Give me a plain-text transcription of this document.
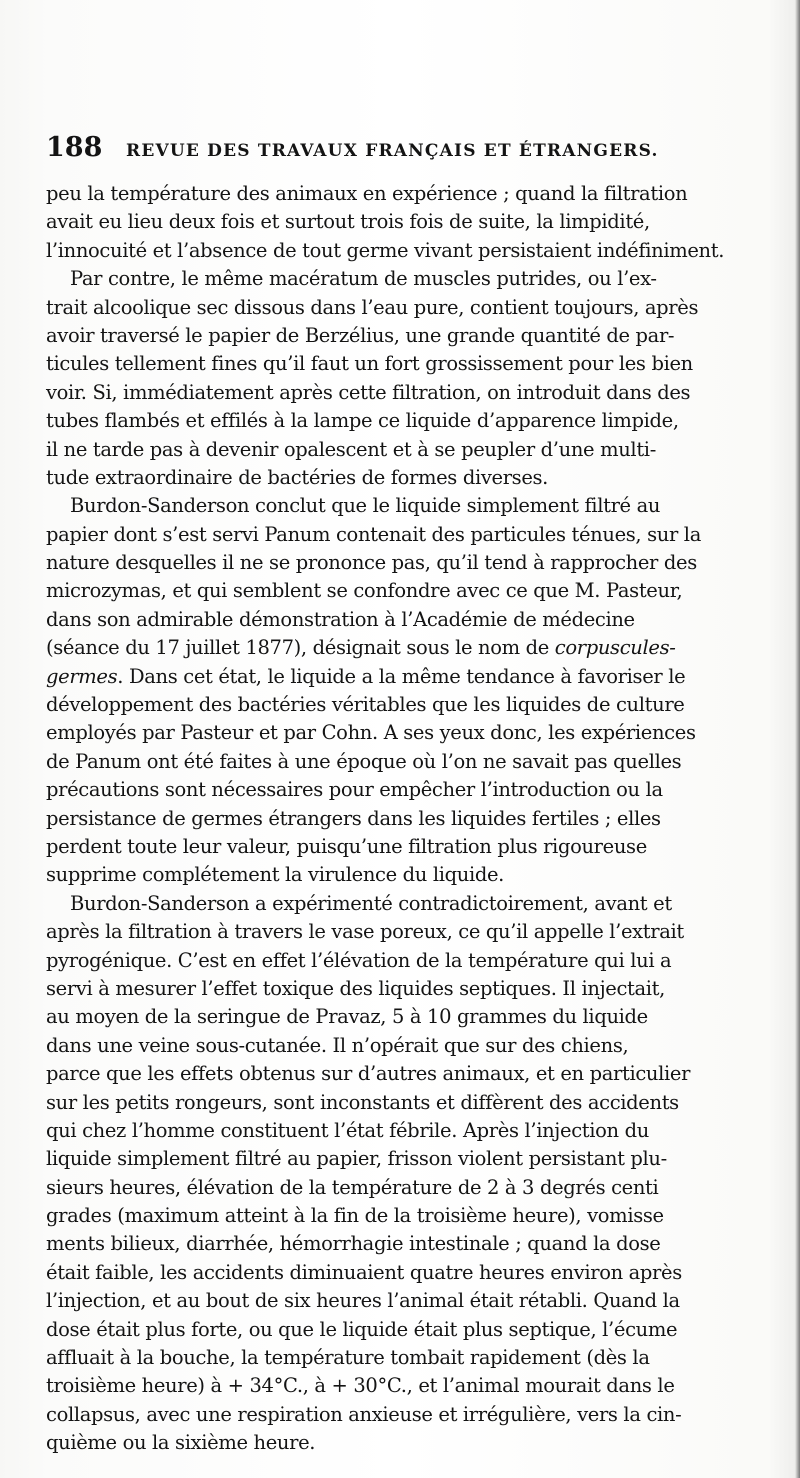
188	REVUE DES TRAVAUX FRANÇAIS ET ÉTRANGERS.
peu la température des animaux en expérience ; quand la filtration
avait eu lieu deux fois et surtout trois fois de suite, la limpidité,
l’innocuité et l’absence de tout germe vivant persistaient indéfiniment.
Par contre, le même macératum de muscles putrides, ou l’ex-
trait alcoolique sec dissous dans l’eau pure, contient toujours, après
avoir traversé le papier de Berzélius, une grande quantité de par-
ticules tellement fines qu’il faut un fort grossissement pour les bien
voir. Si, immédiatement après cette filtration, on introduit dans des
tubes flambés et effilés à la lampe ce liquide d’apparence limpide,
il ne tarde pas à devenir opalescent et à se peupler d’une multi-
tude extraordinaire de bactéries de formes diverses.
Burdon-Sanderson conclut que le liquide simplement filtré au
papier dont s’est servi Panum contenait des particules ténues, sur la
nature desquelles il ne se prononce pas, qu’il tend à rapprocher des
microzymas, et qui semblent se confondre avec ce que M. Pasteur,
dans son admirable démonstration à l’Académie de médecine
(séance du 17 juillet 1877), désignait sous le nom de corpuscules-
germes. Dans cet état, le liquide a la même tendance à favoriser le
développement des bactéries véritables que les liquides de culture
employés par Pasteur et par Cohn. A ses yeux donc, les expériences
de Panum ont été faites à une époque où l’on ne savait pas quelles
précautions sont nécessaires pour empêcher l’introduction ou la
persistance de germes étrangers dans les liquides fertiles ; elles
perdent toute leur valeur, puisqu’une filtration plus rigoureuse
supprime complétement la virulence du liquide.
Burdon-Sanderson a expérimenté contradictoirement, avant et
après la filtration à travers le vase poreux, ce qu’il appelle l’extrait
pyrogénique. C’est en effet l’élévation de la température qui lui a
servi à mesurer l’effet toxique des liquides septiques. Il injectait,
au moyen de la seringue de Pravaz, 5 à 10 grammes du liquide
dans une veine sous-cutanée. Il n’opérait que sur des chiens,
parce que les effets obtenus sur d’autres animaux, et en particulier
sur les petits rongeurs, sont inconstants et diffèrent des accidents
qui chez l’homme constituent l’état fébrile. Après l’injection du
liquide simplement filtré au papier, frisson violent persistant plu-
sieurs heures, élévation de la température de 2 à 3 degrés centi
grades (maximum atteint à la fin de la troisième heure), vomisse
ments bilieux, diarrhée, hémorrhagie intestinale ; quand la dose
était faible, les accidents diminuaient quatre heures environ après
l’injection, et au bout de six heures l’animal était rétabli. Quand la
dose était plus forte, ou que le liquide était plus septique, l’écume
affluait à la bouche, la température tombait rapidement (dès la
troisième heure) à + 34°C., à + 30°C., et l’animal mourait dans le
collapsus, avec une respiration anxieuse et irrégulière, vers la cin-
quième ou la sixième heure.
